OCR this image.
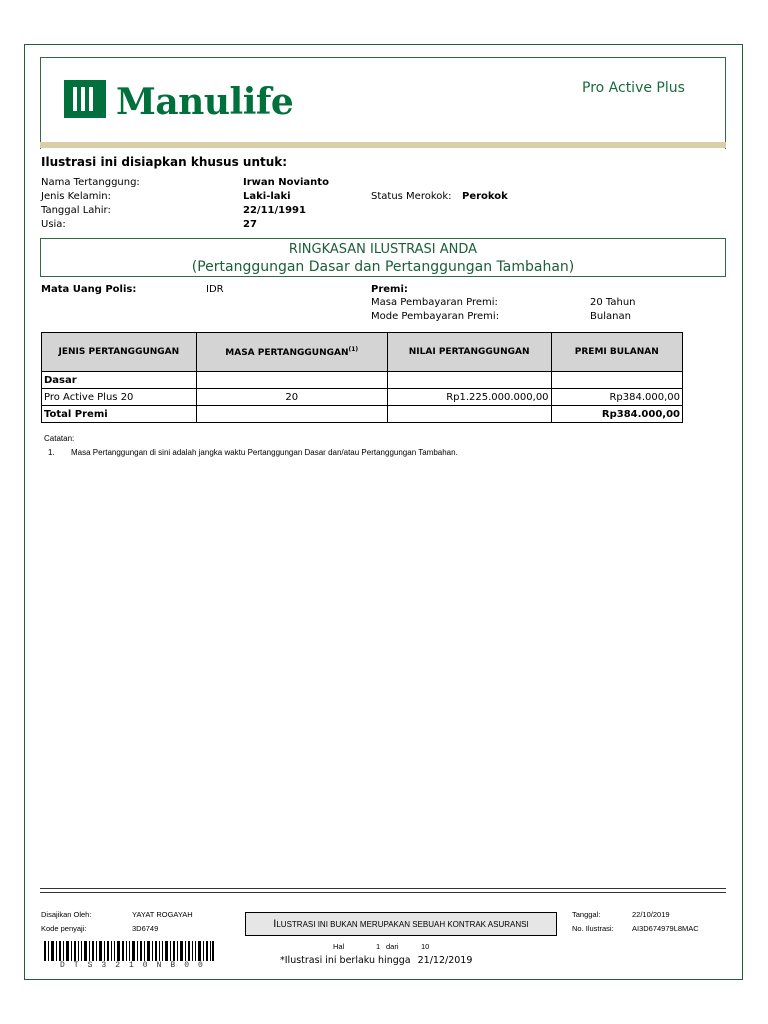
Manulife	Pro Active Plus
Ilustrasi ini disiapkan khusus untuk:
Nama Tertanggung:	Irwan Novianto
Jenis Kelamin:	Laki-laki	Status Merokok: Perokok
Tanggal Lahir:	22/11/1991
Usia:	27
RINGKASAN ILUSTRASI ANDA
(Pertanggungan Dasar dan Pertanggungan Tambahan)
Mata Uang Polis:	IDR	Premi:
Masa Pembayaran Premi:	20 Tahun
Mode Pembayaran Premi:	Bulanan
JENIS PERTANGGUNGAN	MASA PERTANGGUNGAN$^{(1)}$	NILAI PERTANGGUNGAN	PREMI BULANAN
Dasar			
Pro Active Plus 20	20	Rp1.225.000.000,00	Rp384.000,00
Total Premi			Rp384.000,00
Catatan:
1. Masa Pertanggungan di sini adalah jangka waktu Pertanggungan Dasar dan/atau Pertanggungan Tambahan.
Disajikan Oleh:	YAYAT ROGAYAH
Kode penyaji:	3D6749	ILUSTRASI INI BUKAN MERUPAKAN SEBUAH KONTRAK ASURANSI
Tanggal:	22/10/2019
No. Ilustrasi: AI3D674979L8MAC
Hal	1 dari	10
DTS3210NB00	*Ilustrasi ini berlaku hingga 21/12/2019
